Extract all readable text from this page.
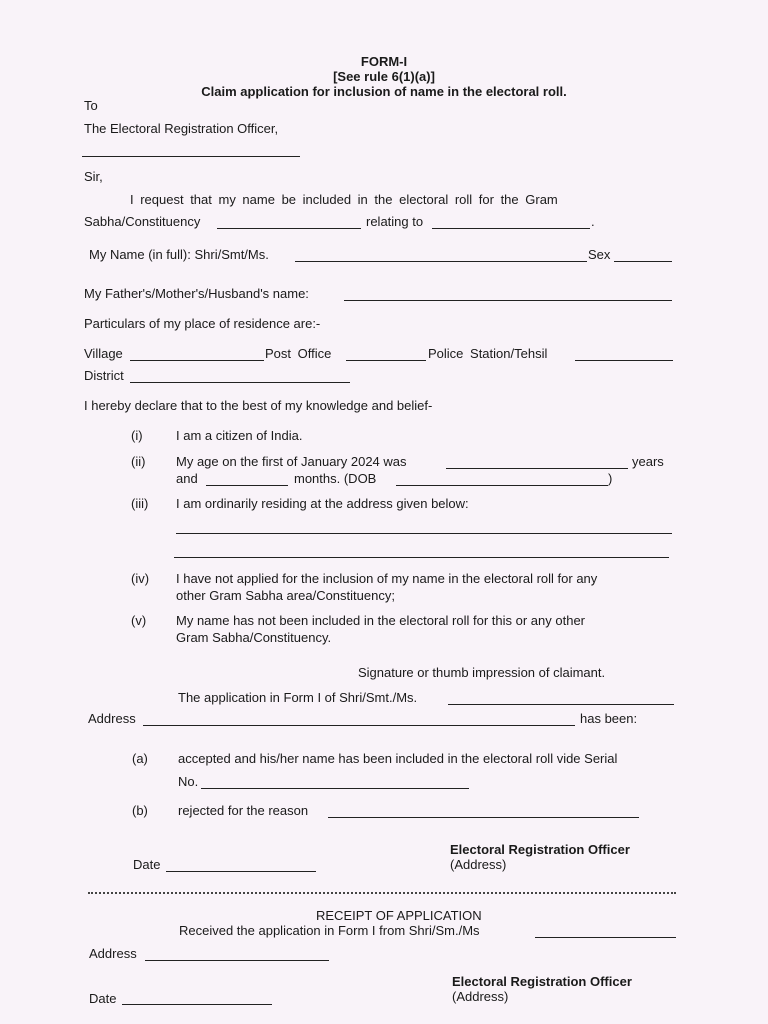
FORM-I
[See rule 6(1)(a)]
Claim application for inclusion of name in the electoral roll.
To
The Electoral Registration Officer,
Sir,
I request that my name be included in the electoral roll for the Gram
Sabha/Constituency	relating to	.
My Name (in full): Shri/Smt/Ms.	Sex
My Father's/Mother's/Husband's name:
Particulars of my place of residence are:-
Village	Post Office	Police Station/Tehsil
District
I hereby declare that to the best of my knowledge and belief-
(i)	I am a citizen of India.
(ii) My age on the first of January 2024 was	years
and	months. (DOB	)
(iii) I am ordinarily residing at the address given below:
(iv) I have not applied for the inclusion of my name in the electoral roll for any
other Gram Sabha area/Constituency;
(v) My name has not been included in the electoral roll for this or any other
Gram Sabha/Constituency.
Signature or thumb impression of claimant.
The application in Form I of Shri/Smt./Ms.
Address	has been:
(a) accepted and his/her name has been included in the electoral roll vide Serial
No.
(b) rejected for the reason
Electoral Registration Officer
(Address)
Date
RECEIPT OF APPLICATION
Received the application in Form I from Shri/Sm./Ms
Address
Electoral Registration Officer
(Address)
Date
